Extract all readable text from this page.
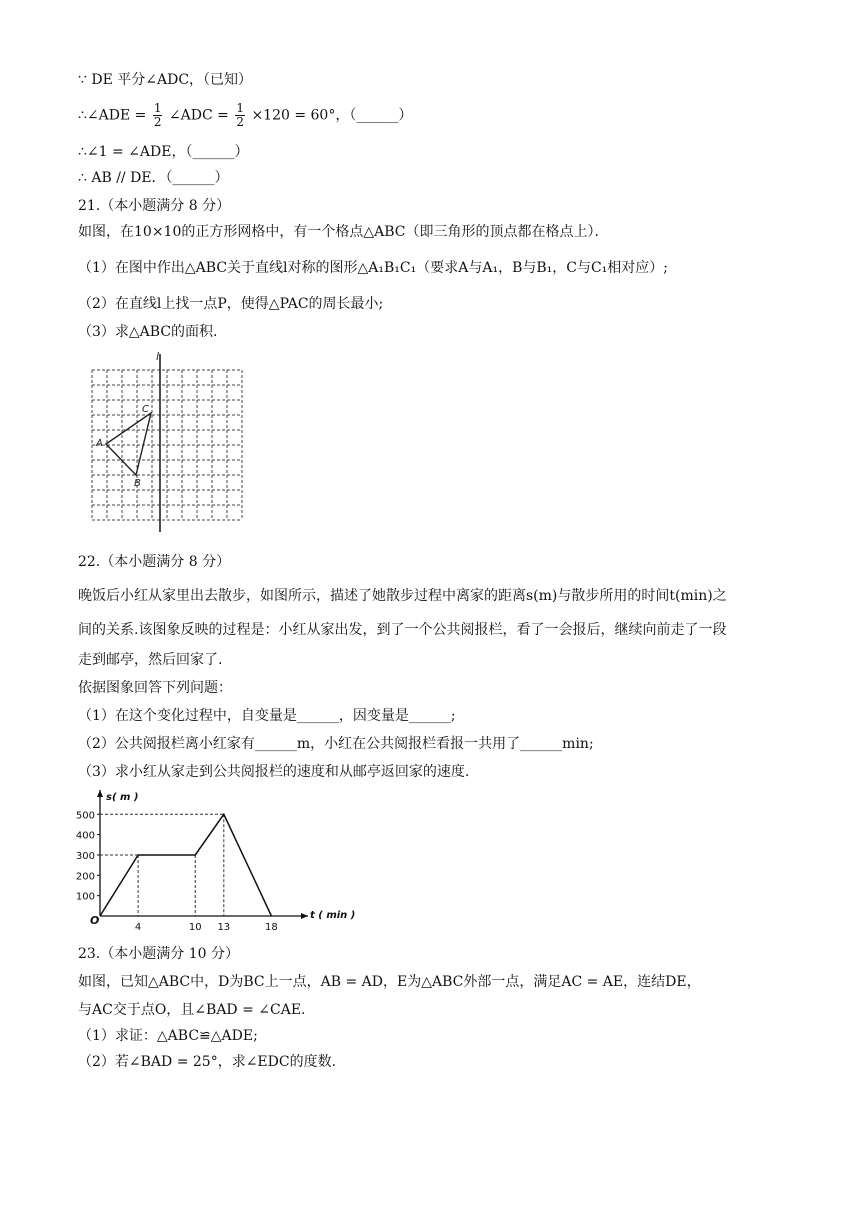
∵ DE 平分∠ADC，（已知）
∴∠ADE = $\frac{1}{2}$ ∠ADC = $\frac{1}{2} \times 120 = 60^\circ$，（______）
∴∠1 = ∠ADE，（______）
∴ AB // DE．（______）
21.（本小题满分 8 分）
如图，在10×10的正方形网格中，有一个格点△ABC（即三角形的顶点都在格点上）．
（1）在图中作出△ABC关于直线l对称的图形△A₁B₁C₁（要求A与A₁，B与B₁，C与C₁相对应）;
（2）在直线l上找一点P，使得△PAC的周长最小;
（3）求△ABC的面积.
l
A
B
C
22.（本小题满分 8 分）
晚饭后小红从家里出去散步，如图所示，描述了她散步过程中离家的距离s(m)与散步所用的时间t(min)之
间的关系.该图象反映的过程是：小红从家出发，到了一个公共阅报栏，看了一会报后，继续向前走了一段
走到邮亭，然后回家了.
依据图象回答下列问题：
（1）在这个变化过程中，自变量是______，因变量是______;
（2）公共阅报栏离小红家有______m，小红在公共阅报栏看报一共用了______min;
（3）求小红从家走到公共阅报栏的速度和从邮亭返回家的速度.
100
200
300
400
500
4	10 13	18
O
s( m )
t ( min )
23.（本小题满分 10 分）
如图，已知△ABC中，D为BC上一点，AB = AD，E为△ABC外部一点，满足AC = AE，连结DE，
与AC交于点O，且∠BAD = ∠CAE.
（1）求证：△ABC≌△ADE;
（2）若∠BAD = 25°，求∠EDC的度数.
